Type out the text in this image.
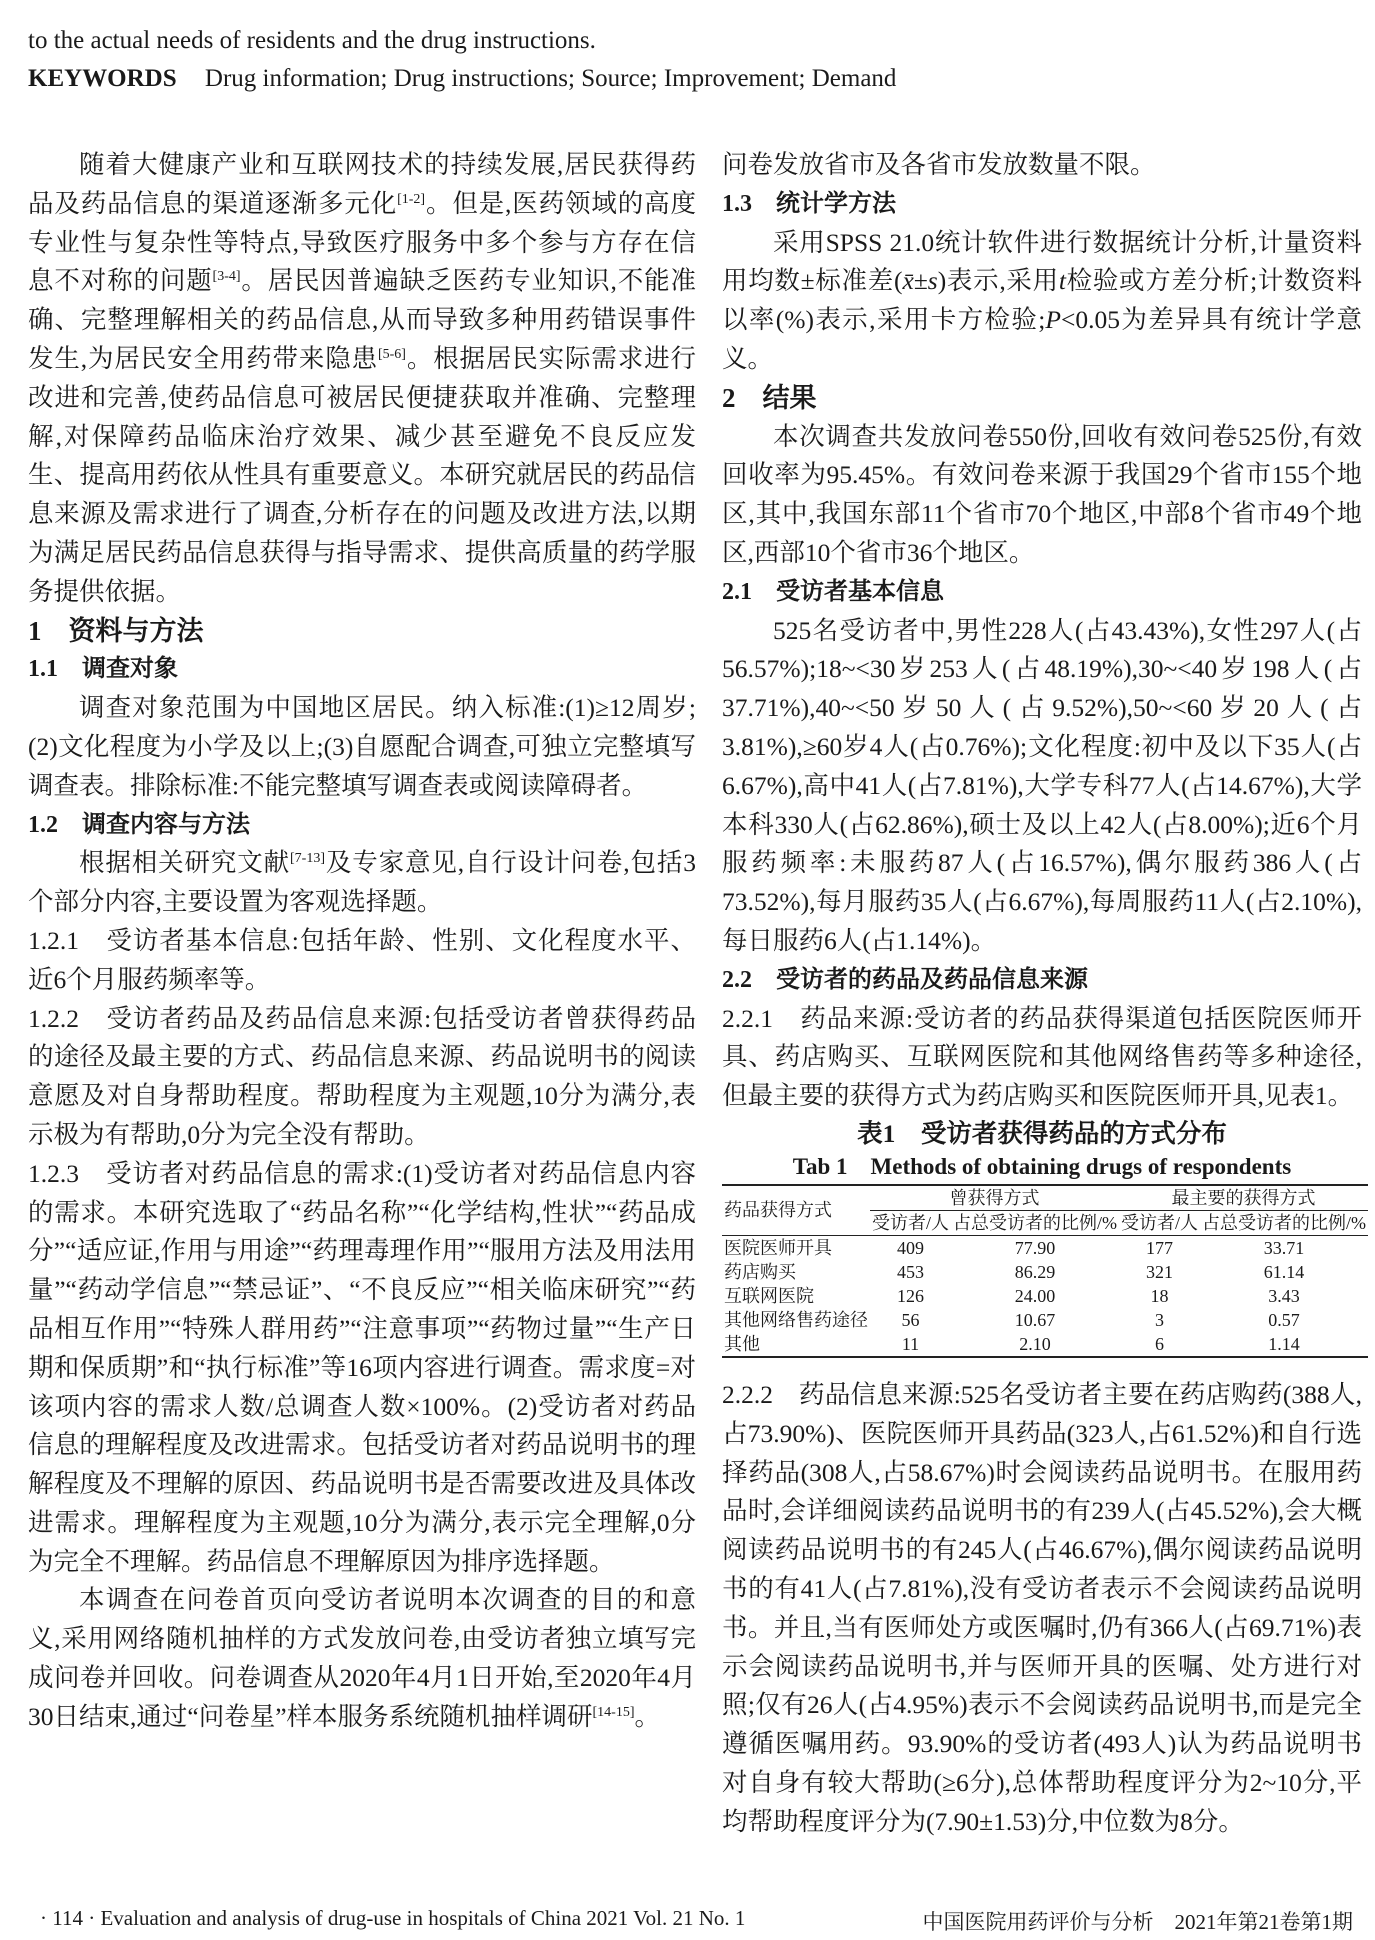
to the actual needs of residents and the drug instructions.
KEYWORDS Drug information; Drug instructions; Source; Improvement; Demand

随着大健康产业和互联网技术的持续发展,居民获得药品及药品信息的渠道逐渐多元化[1-2]。但是,医药领域的高度专业性与复杂性等特点,导致医疗服务中多个参与方存在信息不对称的问题[3-4]。居民因普遍缺乏医药专业知识,不能准确、完整理解相关的药品信息,从而导致多种用药错误事件发生,为居民安全用药带来隐患[5-6]。根据居民实际需求进行改进和完善,使药品信息可被居民便捷获取并准确、完整理解,对保障药品临床治疗效果、减少甚至避免不良反应发生、提高用药依从性具有重要意义。本研究就居民的药品信息来源及需求进行了调查,分析存在的问题及改进方法,以期为满足居民药品信息获得与指导需求、提供高质量的药学服务提供依据。

1　资料与方法
1.1　调查对象

调查对象范围为中国地区居民。纳入标准:(1)≥12周岁;(2)文化程度为小学及以上;(3)自愿配合调查,可独立完整填写调查表。排除标准:不能完整填写调查表或阅读障碍者。

1.2　调查内容与方法

根据相关研究文献[7-13]及专家意见,自行设计问卷,包括3个部分内容,主要设置为客观选择题。

1.2.1　受访者基本信息:包括年龄、性别、文化程度水平、近6个月服药频率等。

1.2.2　受访者药品及药品信息来源:包括受访者曾获得药品的途径及最主要的方式、药品信息来源、药品说明书的阅读意愿及对自身帮助程度。帮助程度为主观题,10分为满分,表示极为有帮助,0分为完全没有帮助。

1.2.3　受访者对药品信息的需求:(1)受访者对药品信息内容的需求。本研究选取了“药品名称”“化学结构,性状”“药品成分”“适应证,作用与用途”“药理毒理作用”“服用方法及用法用量”“药动学信息”“禁忌证”、“不良反应”“相关临床研究”“药品相互作用”“特殊人群用药”“注意事项”“药物过量”“生产日期和保质期”和“执行标准”等16项内容进行调查。需求度=对该项内容的需求人数/总调查人数×100%。(2)受访者对药品信息的理解程度及改进需求。包括受访者对药品说明书的理解程度及不理解的原因、药品说明书是否需要改进及具体改进需求。理解程度为主观题,10分为满分,表示完全理解,0分为完全不理解。药品信息不理解原因为排序选择题。

本调查在问卷首页向受访者说明本次调查的目的和意义,采用网络随机抽样的方式发放问卷,由受访者独立填写完成问卷并回收。问卷调查从2020年4月1日开始,至2020年4月30日结束,通过“问卷星”样本服务系统随机抽样调研[14-15]。

问卷发放省市及各省市发放数量不限。

1.3　统计学方法

采用SPSS 21.0统计软件进行数据统计分析,计量资料用均数±标准差(x̄±s)表示,采用t检验或方差分析;计数资料以率(%)表示,采用卡方检验;P<0.05为差异具有统计学意义。

2　结果

本次调查共发放问卷550份,回收有效问卷525份,有效回收率为95.45%。有效问卷来源于我国29个省市155个地区,其中,我国东部11个省市70个地区,中部8个省市49个地区,西部10个省市36个地区。

2.1　受访者基本信息

525名受访者中,男性228人(占43.43%),女性297人(占56.57%);18~<30岁253人(占48.19%),30~<40岁198人(占37.71%),40~<50岁50人(占9.52%),50~<60岁20人(占3.81%),≥60岁4人(占0.76%);文化程度:初中及以下35人(占6.67%),高中41人(占7.81%),大学专科77人(占14.67%),大学本科330人(占62.86%),硕士及以上42人(占8.00%);近6个月服药频率:未服药87人(占16.57%),偶尔服药386人(占73.52%),每月服药35人(占6.67%),每周服药11人(占2.10%),每日服药6人(占1.14%)。

2.2　受访者的药品及药品信息来源

2.2.1　药品来源:受访者的药品获得渠道包括医院医师开具、药店购买、互联网医院和其他网络售药等多种途径,但最主要的获得方式为药店购买和医院医师开具,见表1。

表1　受访者获得药品的方式分布
Tab 1　Methods of obtaining drugs of respondents
药品获得方式	曾获得方式		最主要的获得方式	
	受访者/人	占总受访者的比例/%	受访者/人	占总受访者的比例/%
医院医师开具	409	77.90	177	33.71
药店购买	453	86.29	321	61.14
互联网医院	126	24.00	18	3.43
其他网络售药途径	56	10.67	3	0.57
其他	11	2.10	6	1.14

2.2.2　药品信息来源:525名受访者主要在药店购药(388人,占73.90%)、医院医师开具药品(323人,占61.52%)和自行选择药品(308人,占58.67%)时会阅读药品说明书。在服用药品时,会详细阅读药品说明书的有239人(占45.52%),会大概阅读药品说明书的有245人(占46.67%),偶尔阅读药品说明书的有41人(占7.81%),没有受访者表示不会阅读药品说明书。并且,当有医师处方或医嘱时,仍有366人(占69.71%)表示会阅读药品说明书,并与医师开具的医嘱、处方进行对照;仅有26人(占4.95%)表示不会阅读药品说明书,而是完全遵循医嘱用药。93.90%的受访者(493人)认为药品说明书对自身有较大帮助(≥6分),总体帮助程度评分为2~10分,平均帮助程度评分为(7.90±1.53)分,中位数为8分。

· 114 · Evaluation and analysis of drug-use in hospitals of China 2021 Vol. 21 No. 1	中国医院用药评价与分析　2021年第21卷第1期
